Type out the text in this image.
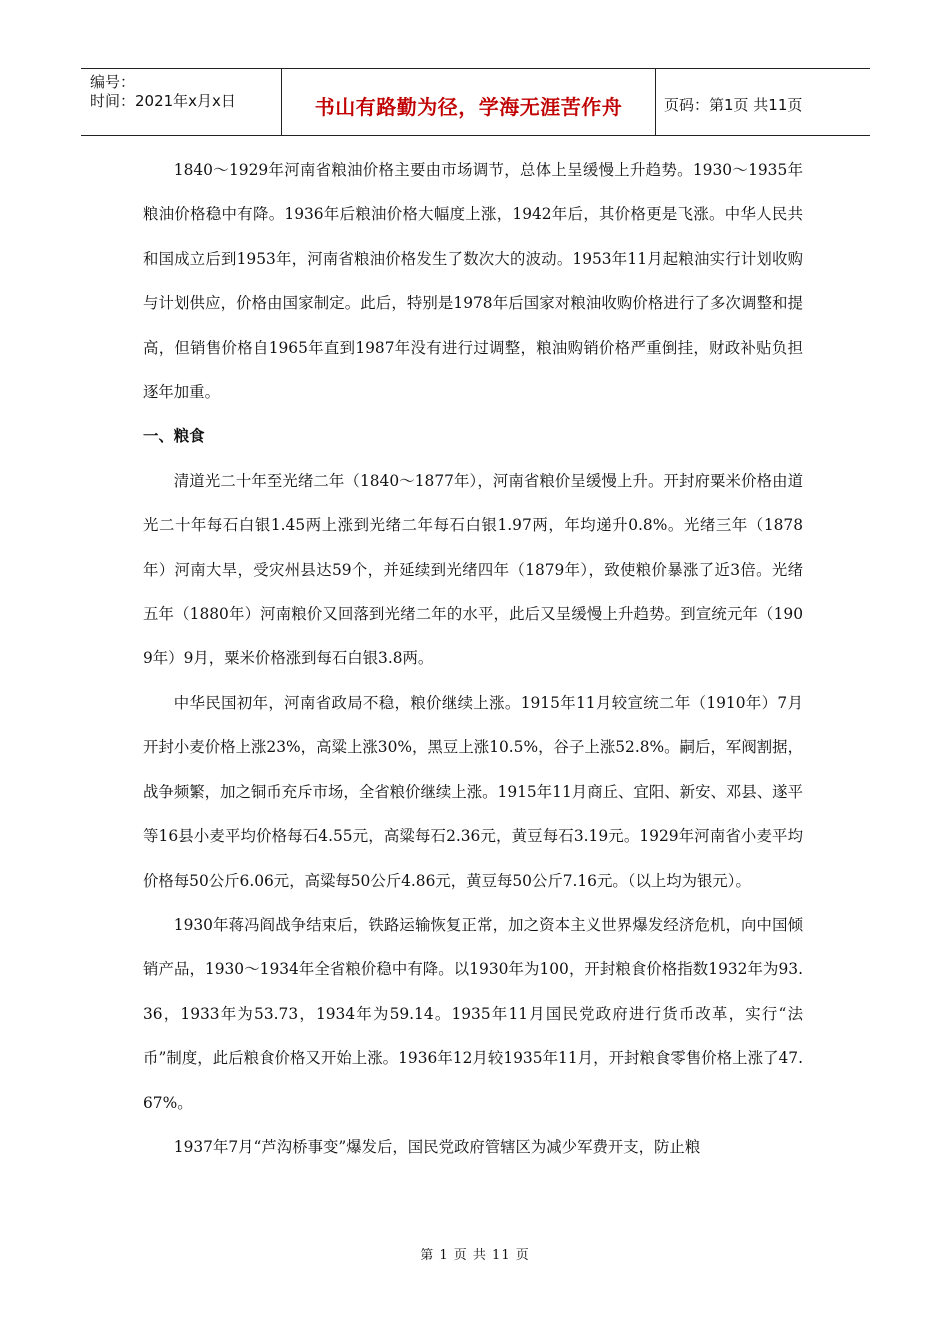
编号：
时间：2021年x月x日	书山有路勤为径，学海无涯苦作舟	页码：第1页 共11页

1840～1929年河南省粮油价格主要由市场调节，总体上呈缓慢上升趋势。1930～1935年粮油价格稳中有降。1936年后粮油价格大幅度上涨，1942年后，其价格更是飞涨。中华人民共和国成立后到1953年，河南省粮油价格发生了数次大的波动。1953年11月起粮油实行计划收购与计划供应，价格由国家制定。此后，特别是1978年后国家对粮油收购价格进行了多次调整和提高，但销售价格自1965年直到1987年没有进行过调整，粮油购销价格严重倒挂，财政补贴负担逐年加重。

一、粮食

清道光二十年至光绪二年（1840～1877年），河南省粮价呈缓慢上升。开封府粟米价格由道光二十年每石白银1.45两上涨到光绪二年每石白银1.97两，年均递升0.8%。光绪三年（1878年）河南大旱，受灾州县达59个，并延续到光绪四年（1879年），致使粮价暴涨了近3倍。光绪五年（1880年）河南粮价又回落到光绪二年的水平，此后又呈缓慢上升趋势。到宣统元年（1909年）9月，粟米价格涨到每石白银3.8两。

中华民国初年，河南省政局不稳，粮价继续上涨。1915年11月较宣统二年（1910年）7月开封小麦价格上涨23%，高粱上涨30%，黑豆上涨10.5%，谷子上涨52.8%。嗣后，军阀割据，战争频繁，加之铜币充斥市场，全省粮价继续上涨。1915年11月商丘、宜阳、新安、邓县、遂平等16县小麦平均价格每石4.55元，高粱每石2.36元，黄豆每石3.19元。1929年河南省小麦平均价格每50公斤6.06元，高粱每50公斤4.86元，黄豆每50公斤7.16元。（以上均为银元）。

1930年蒋冯阎战争结束后，铁路运输恢复正常，加之资本主义世界爆发经济危机，向中国倾销产品，1930～1934年全省粮价稳中有降。以1930年为100，开封粮食价格指数1932年为93.36，1933年为53.73，1934年为59.14。1935年11月国民党政府进行货币改革，实行“法币”制度，此后粮食价格又开始上涨。1936年12月较1935年11月，开封粮食零售价格上涨了47.67%。

1937年7月“芦沟桥事变”爆发后，国民党政府管辖区为减少军费开支，防止粮

第 1 页 共 11 页
